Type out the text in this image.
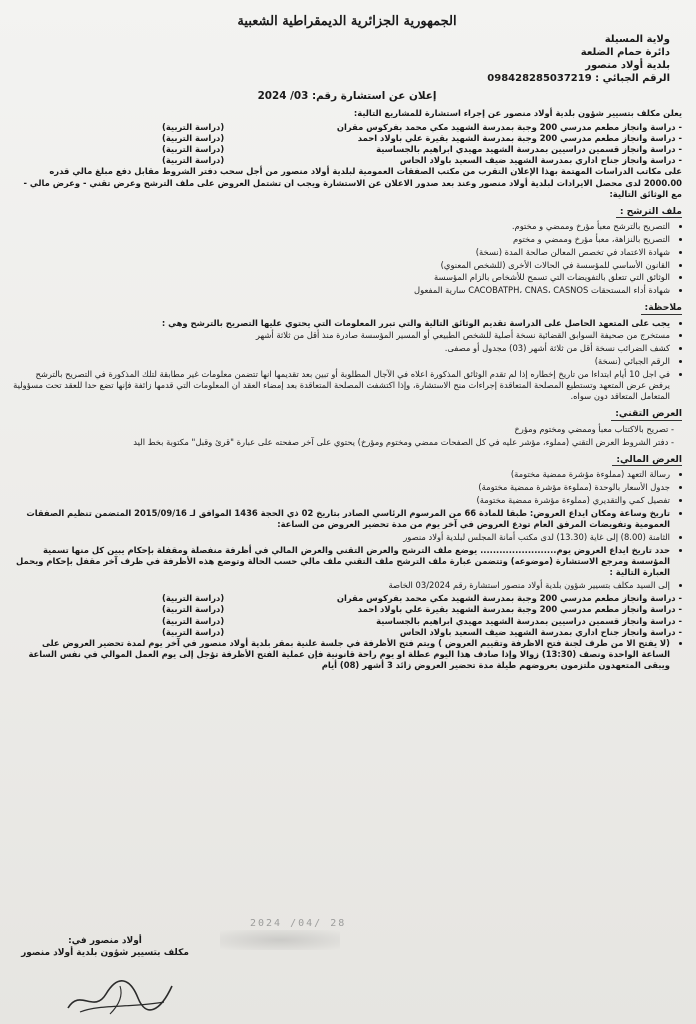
الجمهورية الجزائرية الديمقراطية الشعبية
ولاية المسيلة
دائرة حمام الضلعة
بلدية أولاد منصور
الرقم الجبائي : 098428285037219
إعلان عن استشارة رقم: 2024 /03

يعلن مكلف بتسيير شؤون بلدية أولاد منصور عن إجراء استشارة للمشاريع التالية:

- دراسة وانجاز مطعم مدرسي 200 وجبة بمدرسة الشهيد مكي محمد بفركوس مقران
(دراسة التربية)
- دراسة وانجاز مطعم مدرسي 200 وجبة بمدرسة الشهيد بقيرة علي باولاد احمد
(دراسة التربية)
- دراسة وانجاز قسمين دراسيين بمدرسة الشهيد مهيدي ابراهيم بالجساسية
(دراسة التربية)
- دراسة وانجاز جناح اداري بمدرسة الشهيد ضيف السعيد باولاد الحاس
(دراسة التربية)

على مكاتب الدراسات المهتمة بهذا الإعلان التقرب من مكتب الصفقات العمومية لبلدية أولاد منصور من أجل سحب دفتر الشروط مقابل دفع مبلغ مالي قدره 2000.00 لدى محصل الايرادات لبلدية أولاد منصور وعند بعد صدور الاعلان عن الاستشارة ويجب ان تشتمل العروض على ملف الترشح وعرض تقني - وعرض مالي - مع الوثائق التالية:

ملف الترشح :
• التصريح بالترشح معبأ مؤرخ وممضي و مختوم.
• التصريح بالنزاهة، معبأ مؤرخ وممضي و مختوم
• شهادة الاعتماد في تخصص المعالن صالحة المدة (نسخة)
• القانون الأساسي للمؤسسة في الحالات الأخرى (للشخص المعنوي)
• الوثائق التي تتعلق بالتفويضات التي تسمح للأشخاص بالزام المؤسسة
• شهادة أداء المستحقات CACOBATPH، CNAS، CASNOS سارية المفعول
ملاحظة:
• يجب على المتعهد الحاصل على الدراسة تقديم الوثائق التالية والتي تبرر المعلومات التي يحتوي عليها التصريح بالترشح وهي :
• مستخرج من صحيفة السوابق القضائية نسخة أصلية للشخص الطبيعي أو المسير المؤسسة صادرة منذ أقل من ثلاثة أشهر
• كشف الضرائب نسخة أقل من ثلاثة أشهر (03) مجدول أو مصفى.
• الرقم الجبائي (نسخة)
• في اجل 10 أيام ابتداءا من تاريخ إخطاره إذا لم تقدم الوثائق المذكورة اعلاه في الآجال المطلوبة أو تبين بعد تقديمها انها تتضمن معلومات غير مطابقة لتلك المذكورة في التصريح بالترشح يرفض عرض المتعهد وتستطيع المصلحة المتعاقدة إجراءات منح الاستشارة، وإذا اكتشفت المصلحة المتعاقدة بعد إمضاء العقد ان المعلومات التي قدمها زائفة فإنها تضع حدا للعقد تحت مسؤولية المتعامل المتعاقد دون سواه.
العرض التقني:

- تصريح بالاكتتاب معبأ وممضي ومختوم ومؤرخ

- دفتر الشروط العرض التقني (مملوء، مؤشر عليه في كل الصفحات ممضي ومختوم ومؤرخ) يحتوي على آخر صفحته على عبارة "قرئ وقبل" مكتوبة بخط اليد

العرض المالي:
• رسالة التعهد (مملوءة مؤشرة ممضية مختومة)
• جدول الأسعار بالوحدة (مملوءة مؤشرة ممضية مختومة)
• تفصيل كمي والتقديري (مملوءة مؤشرة ممضية مختومة)
• تاريخ وساعة ومكان ايداع العروض: طبقا للمادة 66 من المرسوم الرئاسي الصادر بتاريخ 02 ذي الحجة 1436 الموافق لـ 2015/09/16 المتضمن تنظيم الصفقات العمومية وتفويضات المرفق العام تودع العروض في آخر يوم من مدة تحضير العروض من الساعة:
• الثامنة (8.00) إلى غاية (13.30) لدى مكتب أمانة المجلس لبلدية أولاد منصور
• حدد تاريخ ايداع العروض يوم........................ يوضع ملف الترشح والعرض التقني والعرض المالي في أظرفة منفصلة ومقفلة بإحكام يبين كل منها تسمية المؤسسة ومرجع الاستشارة (موضوعه) وتتضمن عبارة ملف الترشح ملف التقني ملف مالي حسب الحالة وتوضع هذه الأظرفة في ظرف آخر مقفل بإحكام ويحمل العبارة التالية :
• إلى السيد مكلف بتسيير شؤون بلدية أولاد منصور استشارة رقم 03/2024 الخاصة
- دراسة وانجاز مطعم مدرسي 200 وجبة بمدرسة الشهيد مكي محمد بفركوس مقران
(دراسة التربية)
- دراسة وانجاز مطعم مدرسي 200 وجبة بمدرسة الشهيد بقيرة علي باولاد احمد
(دراسة التربية)
- دراسة وانجاز قسمين دراسيين بمدرسة الشهيد مهيدي ابراهيم بالجساسية
(دراسة التربية)
- دراسة وانجاز جناح اداري بمدرسة الشهيد ضيف السعيد باولاد الحاس
(دراسة التربية)
• (لا يفتح الا من طرف لجنة فتح الاظرفة وتقييم العروض ) ويتم فتح الأظرفة في جلسة علنية بمقر بلدية أولاد منصور في آخر يوم لمدة تحضير العروض على الساعة الواحدة ونصف (13:30) زوالا وإذا صادف هذا اليوم عطلة او يوم راحة قانونية فإن عملية الفتح الأظرفة تؤجل إلى يوم العمل الموالي في نفس الساعة ويبقى المتعهدون ملتزمون بعروضهم طيلة مدة تحضير العروض زائد 3 أشهر (08) أيام
2024 /04/ 28
أولاد منصور في:
مكلف بتسيير شؤون بلدية أولاد منصور
